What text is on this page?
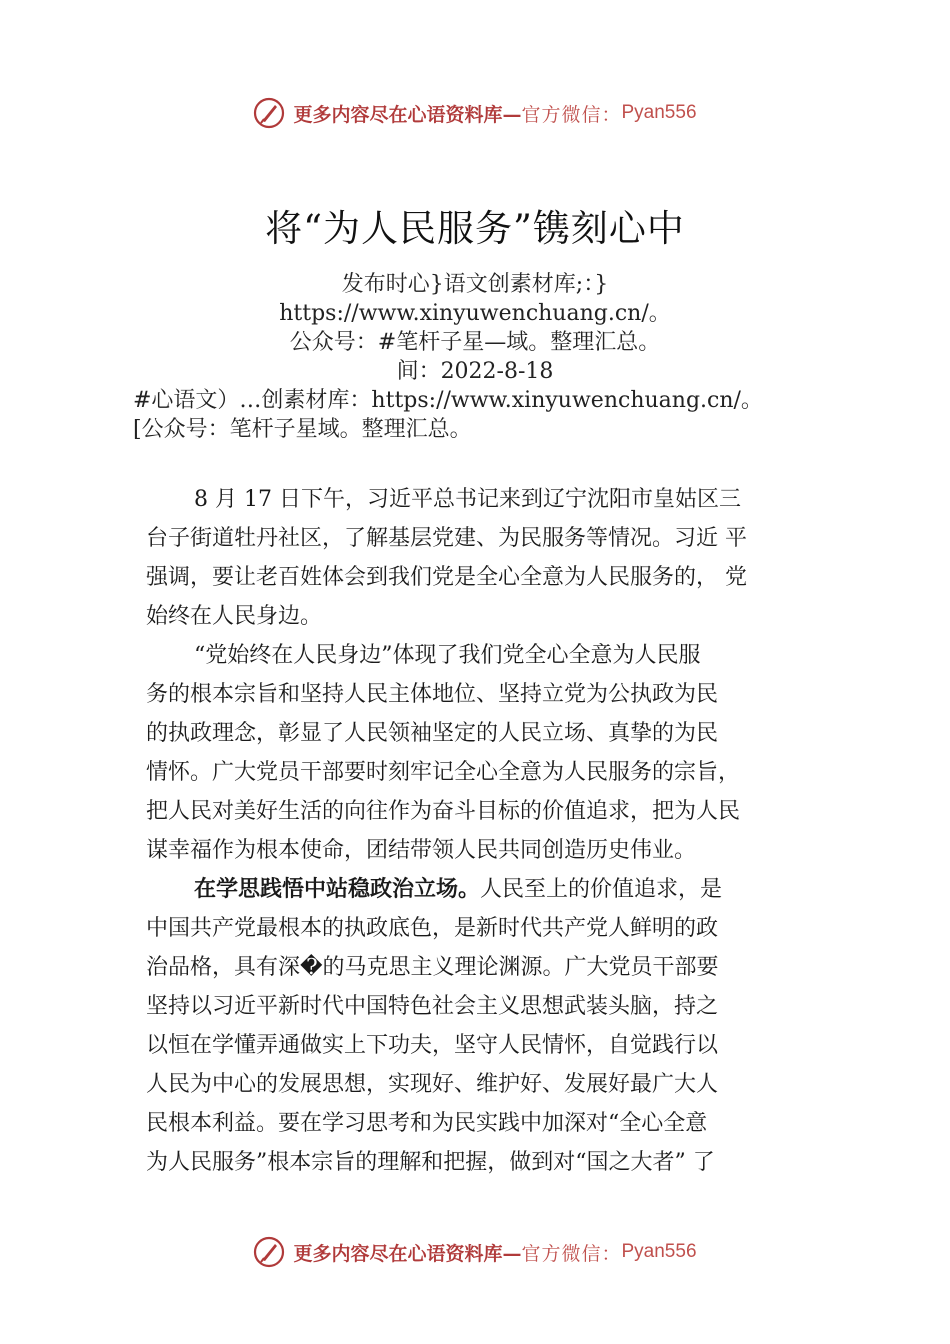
更多内容尽在心语资料库— 官方微信： Pyan556
将“为人民服务”镌刻心中
发布时心}语文创素材库;：}
https://www.xinyuwenchuang.cn/。
公众号：#笔杆子星—域。整理汇总。
间：2022-8-18
#心语文）…创素材库：https://www.xinyuwenchuang.cn/。
[公众号：笔杆子星域。整理汇总。
8 月 17 日下午，习近平总书记来到辽宁沈阳市皇姑区三
台子街道牡丹社区，了解基层党建、为民服务等情况。习近 平
强调，要让老百姓体会到我们党是全心全意为人民服务的， 党
始终在人民身边。
“党始终在人民身边”体现了我们党全心全意为人民服
务的根本宗旨和坚持人民主体地位、坚持立党为公执政为民
的执政理念，彰显了人民领袖坚定的人民立场、真挚的为民
情怀。广大党员干部要时刻牢记全心全意为人民服务的宗旨，
把人民对美好生活的向往作为奋斗目标的价值追求，把为人民
谋幸福作为根本使命，团结带领人民共同创造历史伟业。
在学思践悟中站稳政治立场。人民至上的价值追求，是
中国共产党最根本的执政底色，是新时代共产党人鲜明的政
治品格，具有深�的马克思主义理论渊源。广大党员干部要
坚持以习近平新时代中国特色社会主义思想武装头脑，持之
以恒在学懂弄通做实上下功夫，坚守人民情怀，自觉践行以
人民为中心的发展思想，实现好、维护好、发展好最广大人
民根本利益。要在学习思考和为民实践中加深对“全心全意
为人民服务”根本宗旨的理解和把握，做到对“国之大者” 了
更多内容尽在心语资料库— 官方微信： Pyan556
